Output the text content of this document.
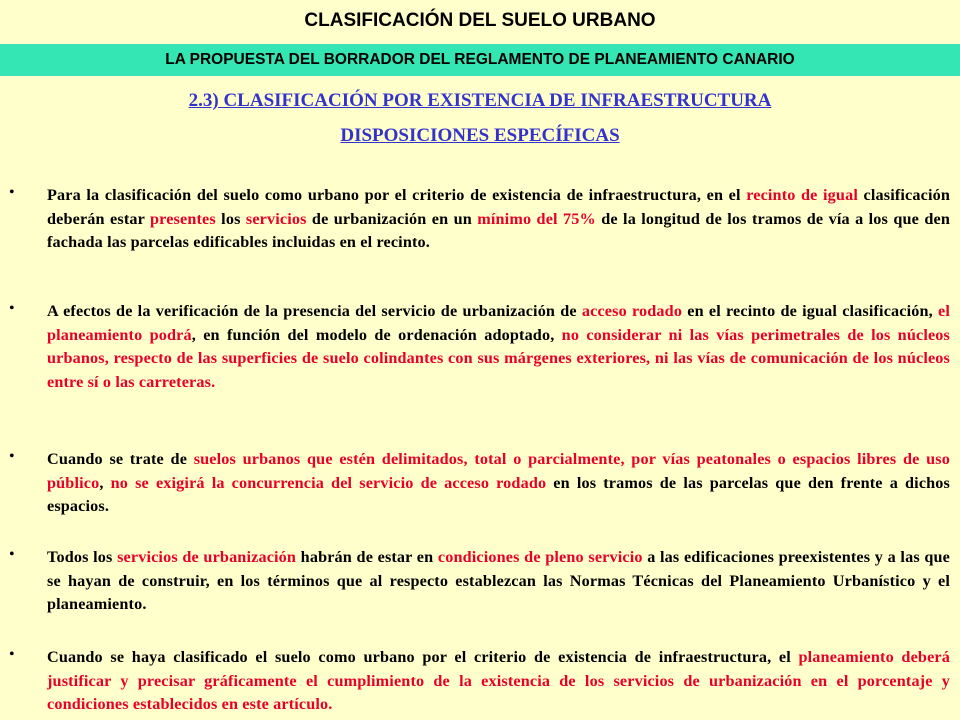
CLASIFICACIÓN DEL SUELO URBANO
LA PROPUESTA DEL BORRADOR DEL REGLAMENTO DE PLANEAMIENTO CANARIO
2.3) CLASIFICACIÓN POR EXISTENCIA DE INFRAESTRUCTURA
DISPOSICIONES ESPECÍFICAS
• Para la clasificación del suelo como urbano por el criterio de existencia de infraestructura, en el recinto de igual clasificación deberán estar presentes los servicios de urbanización en un mínimo del 75% de la longitud de los tramos de vía a los que den fachada las parcelas edificables incluidas en el recinto.
• A efectos de la verificación de la presencia del servicio de urbanización de acceso rodado en el recinto de igual clasificación, el planeamiento podrá, en función del modelo de ordenación adoptado, no considerar ni las vías perimetrales de los núcleos urbanos, respecto de las superficies de suelo colindantes con sus márgenes exteriores, ni las vías de comunicación de los núcleos entre sí o las carreteras.
• Cuando se trate de suelos urbanos que estén delimitados, total o parcialmente, por vías peatonales o espacios libres de uso público, no se exigirá la concurrencia del servicio de acceso rodado en los tramos de las parcelas que den frente a dichos espacios.
• Todos los servicios de urbanización habrán de estar en condiciones de pleno servicio a las edificaciones preexistentes y a las que se hayan de construir, en los términos que al respecto establezcan las Normas Técnicas del Planeamiento Urbanístico y el planeamiento.
• Cuando se haya clasificado el suelo como urbano por el criterio de existencia de infraestructura, el planeamiento deberá justificar y precisar gráficamente el cumplimiento de la existencia de los servicios de urbanización en el porcentaje y condiciones establecidos en este artículo.
